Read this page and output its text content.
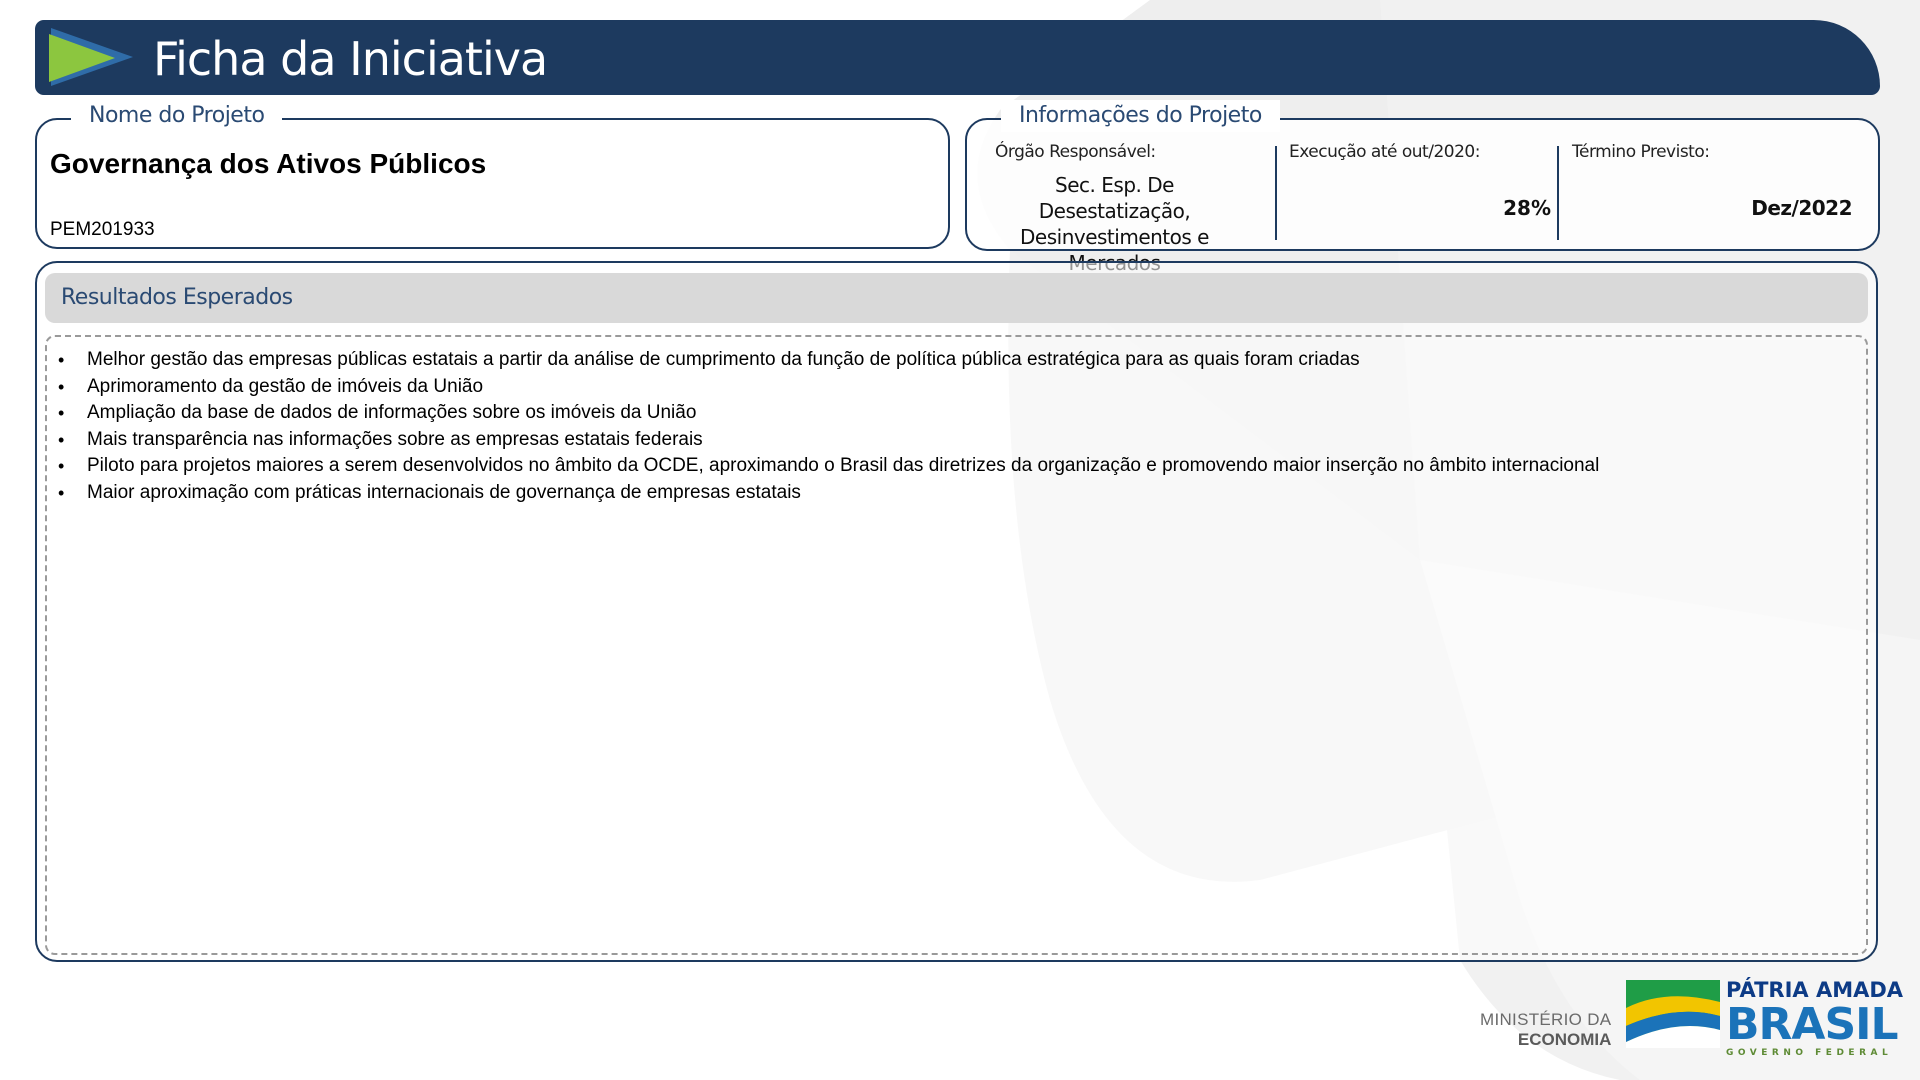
Ficha da Iniciativa
Nome do Projeto
Governança dos Ativos Públicos
PEM201933
Informações do Projeto
Órgão Responsável:
Sec. Esp. De Desestatização, Desinvestimentos e
Execução até out/2020:
28%
Término Previsto:
Dez/2022
Resultados Esperados
• Melhor gestão das empresas públicas estatais a partir da análise de cumprimento da função de política pública estratégica para as quais foram criadas
• Aprimoramento da gestão de imóveis da União
• Ampliação da base de dados de informações sobre os imóveis da União
• Mais transparência nas informações sobre as empresas estatais federais
• Piloto para projetos maiores a serem desenvolvidos no âmbito da OCDE, aproximando o Brasil das diretrizes da organização e promovendo maior inserção no âmbito internacional
• Maior aproximação com práticas internacionais de governança de empresas estatais
MINISTÉRIO DA
ECONOMIA
PÁTRIA AMADA
BRASIL
GOVERNO FEDERAL
